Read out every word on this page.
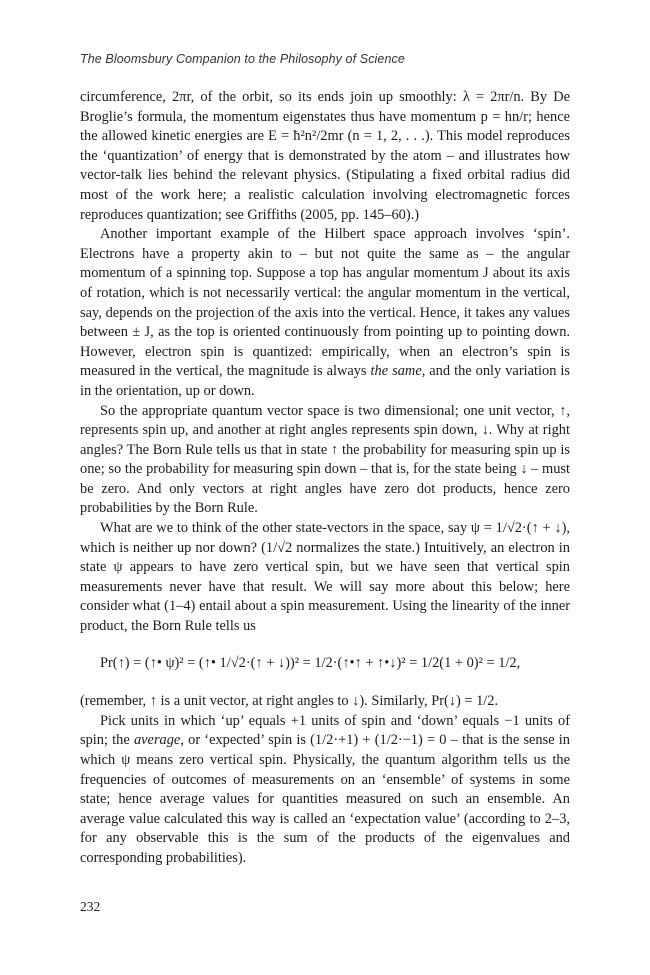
The Bloomsbury Companion to the Philosophy of Science

circumference, 2πr, of the orbit, so its ends join up smoothly: λ = 2πr/n. By De Broglie’s formula, the momentum eigenstates thus have momentum p = hn/r; hence the allowed kinetic energies are E = ħ²n²/2mr (n = 1, 2, . . .). This model reproduces the ‘quantization’ of energy that is demonstrated by the atom – and illustrates how vector-talk lies behind the relevant physics. (Stipulating a fixed orbital radius did most of the work here; a realistic calculation involving electromagnetic forces reproduces quantization; see Griffiths (2005, pp. 145–60).)

Another important example of the Hilbert space approach involves ‘spin’. Electrons have a property akin to – but not quite the same as – the angular momentum of a spinning top. Suppose a top has angular momentum J about its axis of rotation, which is not necessarily vertical: the angular momentum in the vertical, say, depends on the projection of the axis into the vertical. Hence, it takes any values between ± J, as the top is oriented continuously from pointing up to pointing down. However, electron spin is quantized: empirically, when an electron’s spin is measured in the vertical, the magnitude is always the same, and the only variation is in the orientation, up or down.

So the appropriate quantum vector space is two dimensional; one unit vector, ↑, represents spin up, and another at right angles represents spin down, ↓. Why at right angles? The Born Rule tells us that in state ↑ the probability for measuring spin up is one; so the probability for measuring spin down – that is, for the state being ↓ – must be zero. And only vectors at right angles have zero dot products, hence zero probabilities by the Born Rule.

What are we to think of the other state-vectors in the space, say ψ = 1/√2·(↑ + ↓), which is neither up nor down? (1/√2 normalizes the state.) Intuitively, an electron in state ψ appears to have zero vertical spin, but we have seen that vertical spin measurements never have that result. We will say more about this below; here consider what (1–4) entail about a spin measurement. Using the linearity of the inner product, the Born Rule tells us

Pr(↑) = (↑• ψ)² = (↑• 1/√2·(↑ + ↓))² = 1/2·(↑•↑ + ↑•↓)² = 1/2(1 + 0)² = 1/2,

(remember, ↑ is a unit vector, at right angles to ↓). Similarly, Pr(↓) = 1/2.

Pick units in which ‘up’ equals +1 units of spin and ‘down’ equals −1 units of spin; the average, or ‘expected’ spin is (1/2·+1) + (1/2·−1) = 0 – that is the sense in which ψ means zero vertical spin. Physically, the quantum algorithm tells us the frequencies of outcomes of measurements on an ‘ensemble’ of systems in some state; hence average values for quantities measured on such an ensemble. An average value calculated this way is called an ‘expectation value’ (according to 2–3, for any observable this is the sum of the products of the eigenvalues and corresponding probabilities).

232
